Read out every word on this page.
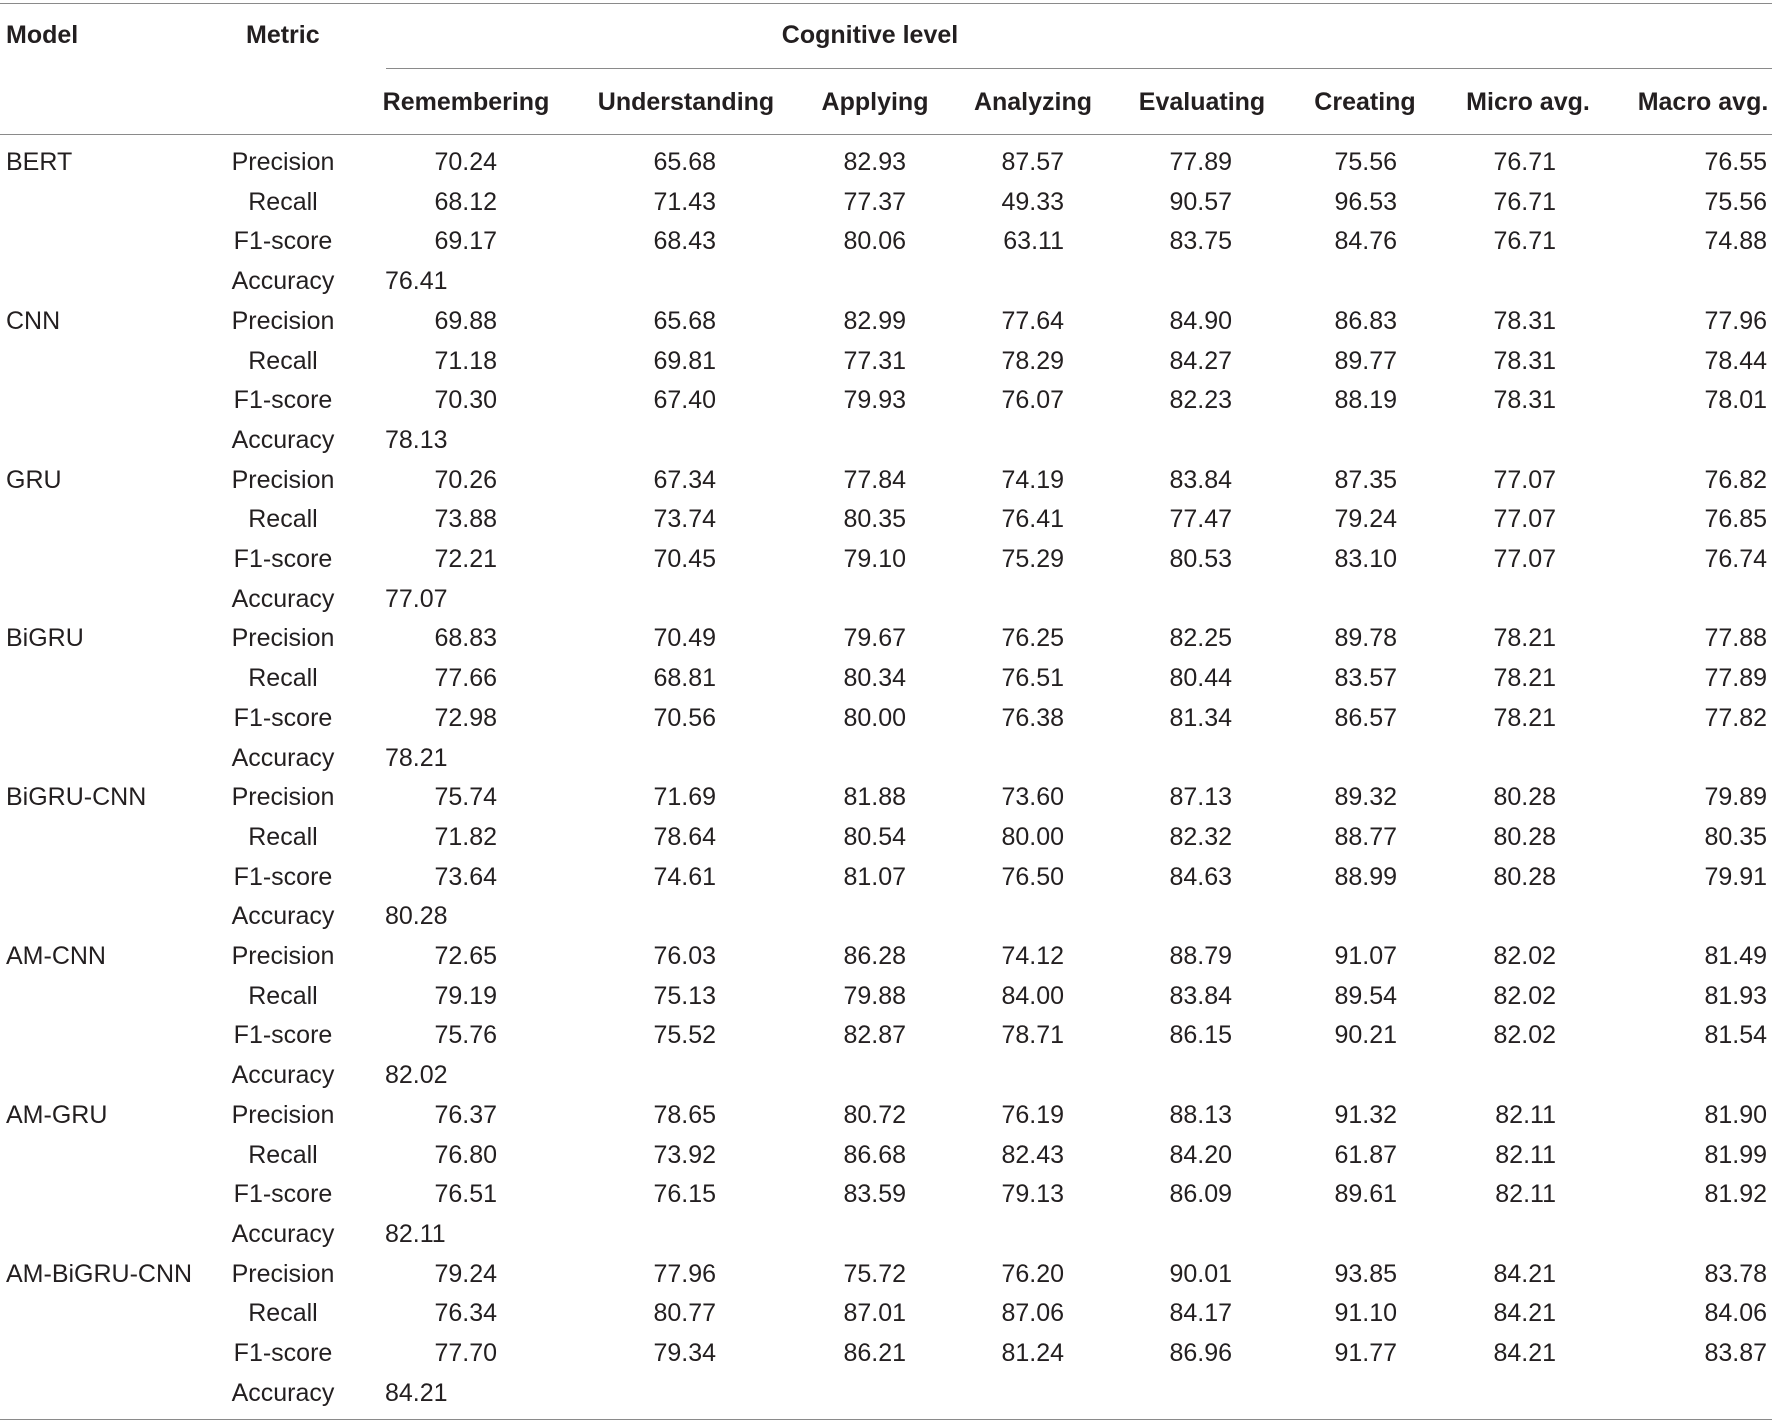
Model	Metric	Cognitive level
Remembering	Understanding	Applying	Analyzing	Evaluating	Creating	Micro avg.	Macro avg.
BERT	Precision	70.24	65.68	82.93	87.57	77.89	75.56	76.71	76.55
Recall	68.12	71.43	77.37	49.33	90.57	96.53	76.71	75.56
F1-score	69.17	68.43	80.06	63.11	83.75	84.76	76.71	74.88
Accuracy	76.41
CNN	Precision	69.88	65.68	82.99	77.64	84.90	86.83	78.31	77.96
Recall	71.18	69.81	77.31	78.29	84.27	89.77	78.31	78.44
F1-score	70.30	67.40	79.93	76.07	82.23	88.19	78.31	78.01
Accuracy	78.13
GRU	Precision	70.26	67.34	77.84	74.19	83.84	87.35	77.07	76.82
Recall	73.88	73.74	80.35	76.41	77.47	79.24	77.07	76.85
F1-score	72.21	70.45	79.10	75.29	80.53	83.10	77.07	76.74
Accuracy	77.07
BiGRU	Precision	68.83	70.49	79.67	76.25	82.25	89.78	78.21	77.88
Recall	77.66	68.81	80.34	76.51	80.44	83.57	78.21	77.89
F1-score	72.98	70.56	80.00	76.38	81.34	86.57	78.21	77.82
Accuracy	78.21
BiGRU-CNN	Precision	75.74	71.69	81.88	73.60	87.13	89.32	80.28	79.89
Recall	71.82	78.64	80.54	80.00	82.32	88.77	80.28	80.35
F1-score	73.64	74.61	81.07	76.50	84.63	88.99	80.28	79.91
Accuracy	80.28
AM-CNN	Precision	72.65	76.03	86.28	74.12	88.79	91.07	82.02	81.49
Recall	79.19	75.13	79.88	84.00	83.84	89.54	82.02	81.93
F1-score	75.76	75.52	82.87	78.71	86.15	90.21	82.02	81.54
Accuracy	82.02
AM-GRU	Precision	76.37	78.65	80.72	76.19	88.13	91.32	82.11	81.90
Recall	76.80	73.92	86.68	82.43	84.20	61.87	82.11	81.99
F1-score	76.51	76.15	83.59	79.13	86.09	89.61	82.11	81.92
Accuracy	82.11
AM-BiGRU-CNN	Precision	79.24	77.96	75.72	76.20	90.01	93.85	84.21	83.78
Recall	76.34	80.77	87.01	87.06	84.17	91.10	84.21	84.06
F1-score	77.70	79.34	86.21	81.24	86.96	91.77	84.21	83.87
Accuracy	84.21
